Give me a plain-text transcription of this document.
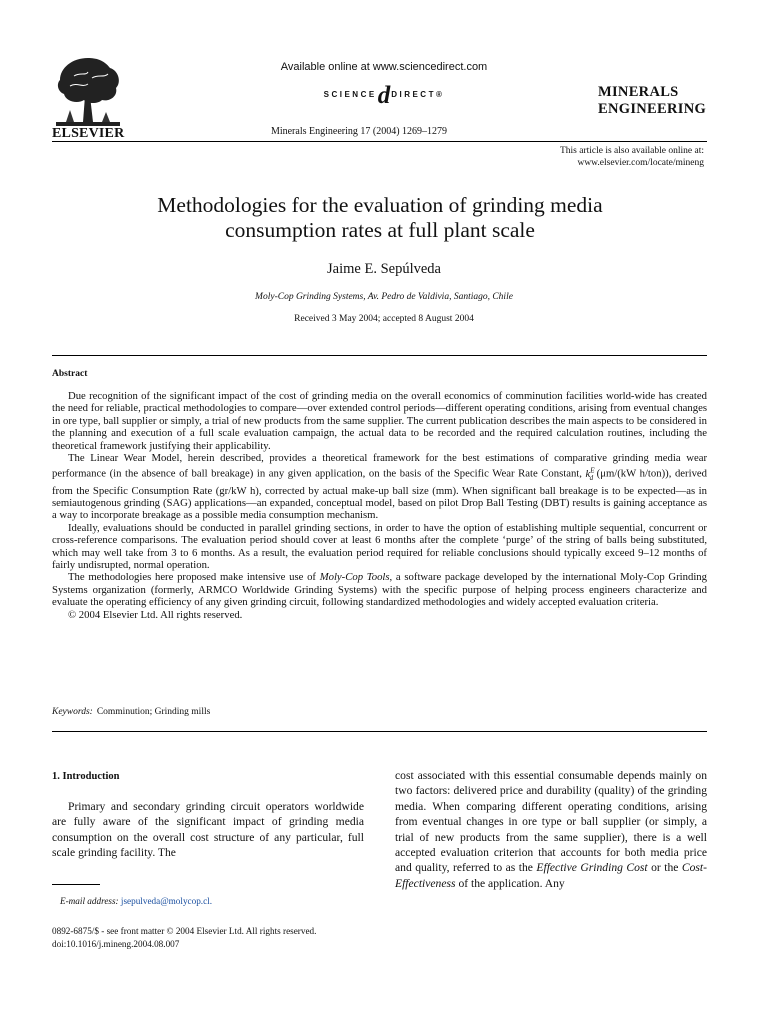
ELSEVIER
Available online at www.sciencedirect.com
SCIENCEdDIRECT®
Minerals Engineering 17 (2004) 1269–1279
MINERALS
ENGINEERING
This article is also available online at:
www.elsevier.com/locate/mineng
Methodologies for the evaluation of grinding media
consumption rates at full plant scale
Jaime E. Sepúlveda
Moly-Cop Grinding Systems, Av. Pedro de Valdivia, Santiago, Chile
Received 3 May 2004; accepted 8 August 2004
Abstract

Due recognition of the significant impact of the cost of grinding media on the overall economics of comminution facilities world-wide has created the need for reliable, practical methodologies to compare—over extended control periods—different operating conditions, arising from eventual changes in ore type, ball supplier or simply, a trial of new products from the same supplier. The current publication describes the main aspects to be considered in the planning and execution of a full scale evaluation campaign, the actual data to be recorded and the required calculation routines, including the theoretical framework justifying their applicability.

The Linear Wear Model, herein described, provides a theoretical framework for the best estimations of comparative grinding media wear performance (in the absence of ball breakage) in any given application, on the basis of the Specific Wear Rate Constant, $k^E_d$ (μm/(kW h/ton)), derived from the Specific Consumption Rate (gr/kW h), corrected by actual make-up ball size (mm). When significant ball breakage is to be expected—as in semiautogenous grinding (SAG) applications—an expanded, conceptual model, based on pilot Drop Ball Testing (DBT) results is gaining acceptance as a way to incorporate breakage as a possible media consumption mechanism.

Ideally, evaluations should be conducted in parallel grinding sections, in order to have the option of establishing multiple sequential, concurrent or cross-reference comparisons. The evaluation period should cover at least 6 months after the complete ‘purge’ of the string of balls being substituted, which may well take from 3 to 6 months. As a result, the evaluation period required for reliable conclusions should typically exceed 9–12 months of fairly undisrupted, normal operation.

The methodologies here proposed make intensive use of Moly-Cop Tools, a software package developed by the international Moly-Cop Grinding Systems organization (formerly, ARMCO Worldwide Grinding Systems) with the specific purpose of helping process engineers characterize and evaluate the operating efficiency of any given grinding circuit, following standardized methodologies and widely accepted evaluation criteria.

© 2004 Elsevier Ltd. All rights reserved.

Keywords: Comminution; Grinding mills
1. Introduction

Primary and secondary grinding circuit operators worldwide are fully aware of the significant impact of grinding media consumption on the overall cost structure of any particular, full scale grinding facility. The

cost associated with this essential consumable depends mainly on two factors: delivered price and durability (quality) of the grinding media. When comparing different operating conditions, arising from eventual changes in ore type or ball supplier (or simply, a trial of new products from the same supplier), there is a well accepted evaluation criterion that accounts for both media price and quality, referred to as the Effective Grinding Cost or the Cost-Effectiveness of the application. Any

E-mail address: jsepulveda@molycop.cl.
0892-6875/$ - see front matter © 2004 Elsevier Ltd. All rights reserved.
doi:10.1016/j.mineng.2004.08.007
